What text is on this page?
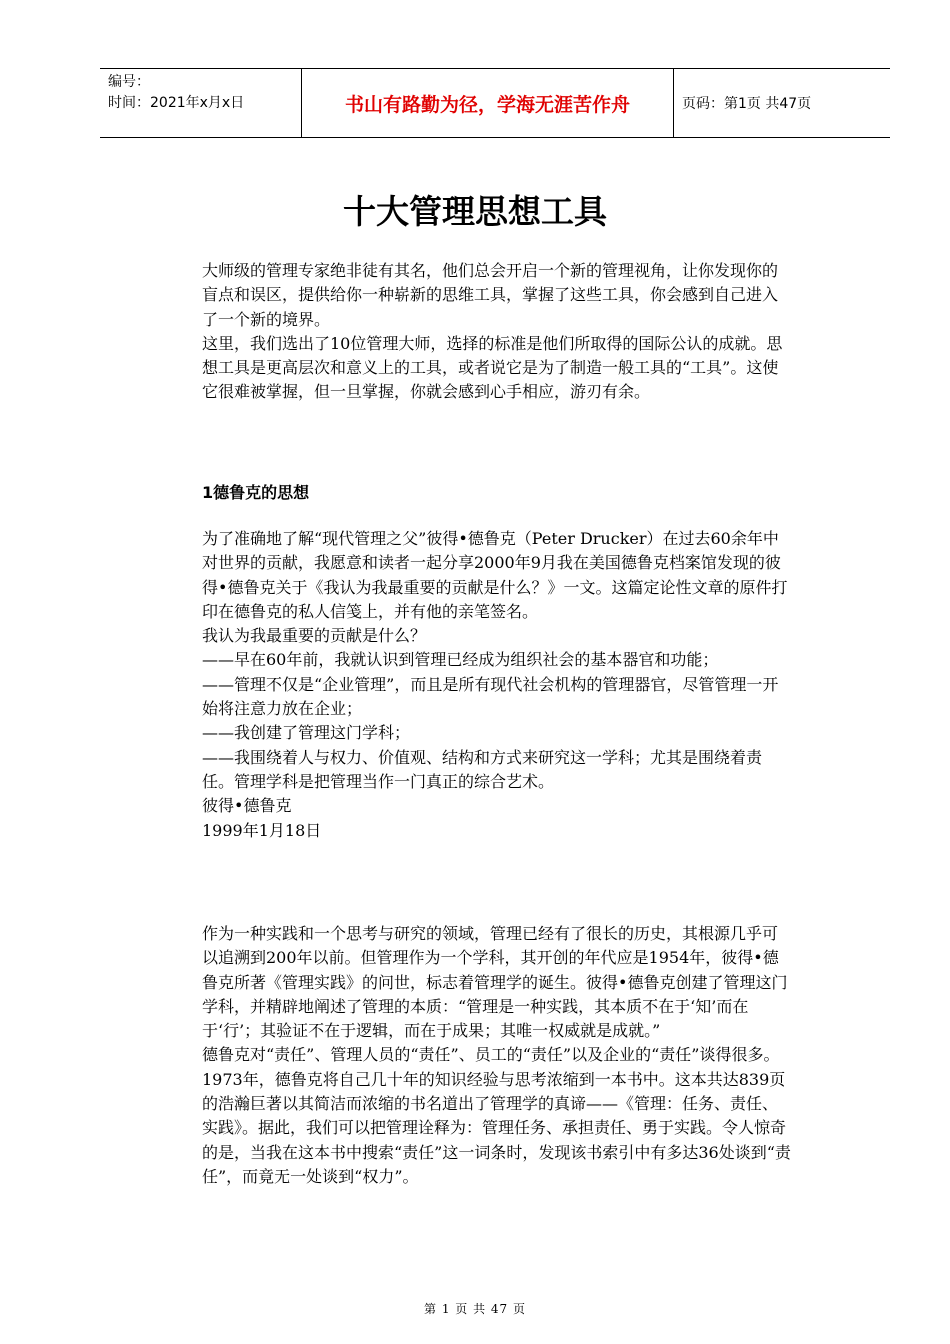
编号：
时间：2021年x月x日	书山有路勤为径，学海无涯苦作舟	页码：第1页 共47页
十大管理思想工具

大师级的管理专家绝非徒有其名，他们总会开启一个新的管理视角，让你发现你的盲点和误区，提供给你一种崭新的思维工具，掌握了这些工具，你会感到自己进入了一个新的境界。

这里，我们选出了10位管理大师，选择的标准是他们所取得的国际公认的成就。思想工具是更高层次和意义上的工具，或者说它是为了制造一般工具的“工具”。这使它很难被掌握，但一旦掌握，你就会感到心手相应，游刃有余。

1德鲁克的思想

为了准确地了解“现代管理之父”彼得•德鲁克（Peter Drucker）在过去60余年中对世界的贡献，我愿意和读者一起分享2000年9月我在美国德鲁克档案馆发现的彼得•德鲁克关于《我认为我最重要的贡献是什么？》一文。这篇定论性文章的原件打印在德鲁克的私人信笺上，并有他的亲笔签名。

我认为我最重要的贡献是什么？

——早在60年前，我就认识到管理已经成为组织社会的基本器官和功能；

——管理不仅是“企业管理”，而且是所有现代社会机构的管理器官，尽管管理一开始将注意力放在企业；

——我创建了管理这门学科；

——我围绕着人与权力、价值观、结构和方式来研究这一学科；尤其是围绕着责任。管理学科是把管理当作一门真正的综合艺术。

彼得•德鲁克

1999年1月18日

作为一种实践和一个思考与研究的领域，管理已经有了很长的历史，其根源几乎可以追溯到200年以前。但管理作为一个学科，其开创的年代应是1954年，彼得•德鲁克所著《管理实践》的问世，标志着管理学的诞生。彼得•德鲁克创建了管理这门学科，并精辟地阐述了管理的本质：“管理是一种实践，其本质不在于‘知’而在于‘行’；其验证不在于逻辑，而在于成果；其唯一权威就是成就。”

德鲁克对“责任”、管理人员的“责任”、员工的“责任”以及企业的“责任”谈得很多。1973年，德鲁克将自己几十年的知识经验与思考浓缩到一本书中。这本共达839页的浩瀚巨著以其简洁而浓缩的书名道出了管理学的真谛——《管理：任务、责任、实践》。据此，我们可以把管理诠释为：管理任务、承担责任、勇于实践。令人惊奇的是，当我在这本书中搜索“责任”这一词条时，发现该书索引中有多达36处谈到“责任”，而竟无一处谈到“权力”。

第 1 页 共 47 页
